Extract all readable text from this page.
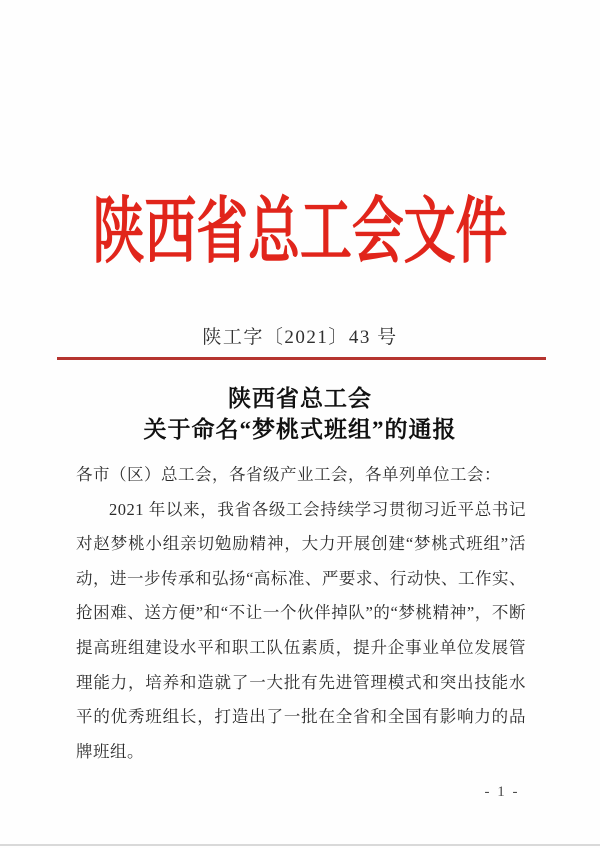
陕西省总工会文件
陕工字〔2021〕43 号
陕西省总工会
关于命名“梦桃式班组”的通报

各市（区）总工会，各省级产业工会，各单列单位工会：

2021 年以来，我省各级工会持续学习贯彻习近平总书记对赵梦桃小组亲切勉励精神，大力开展创建“梦桃式班组”活动，进一步传承和弘扬“高标准、严要求、行动快、工作实、抢困难、送方便”和“不让一个伙伴掉队”的“梦桃精神”，不断提高班组建设水平和职工队伍素质，提升企事业单位发展管理能力，培养和造就了一大批有先进管理模式和突出技能水平的优秀班组长，打造出了一批在全省和全国有影响力的品牌班组。

- 1 -
